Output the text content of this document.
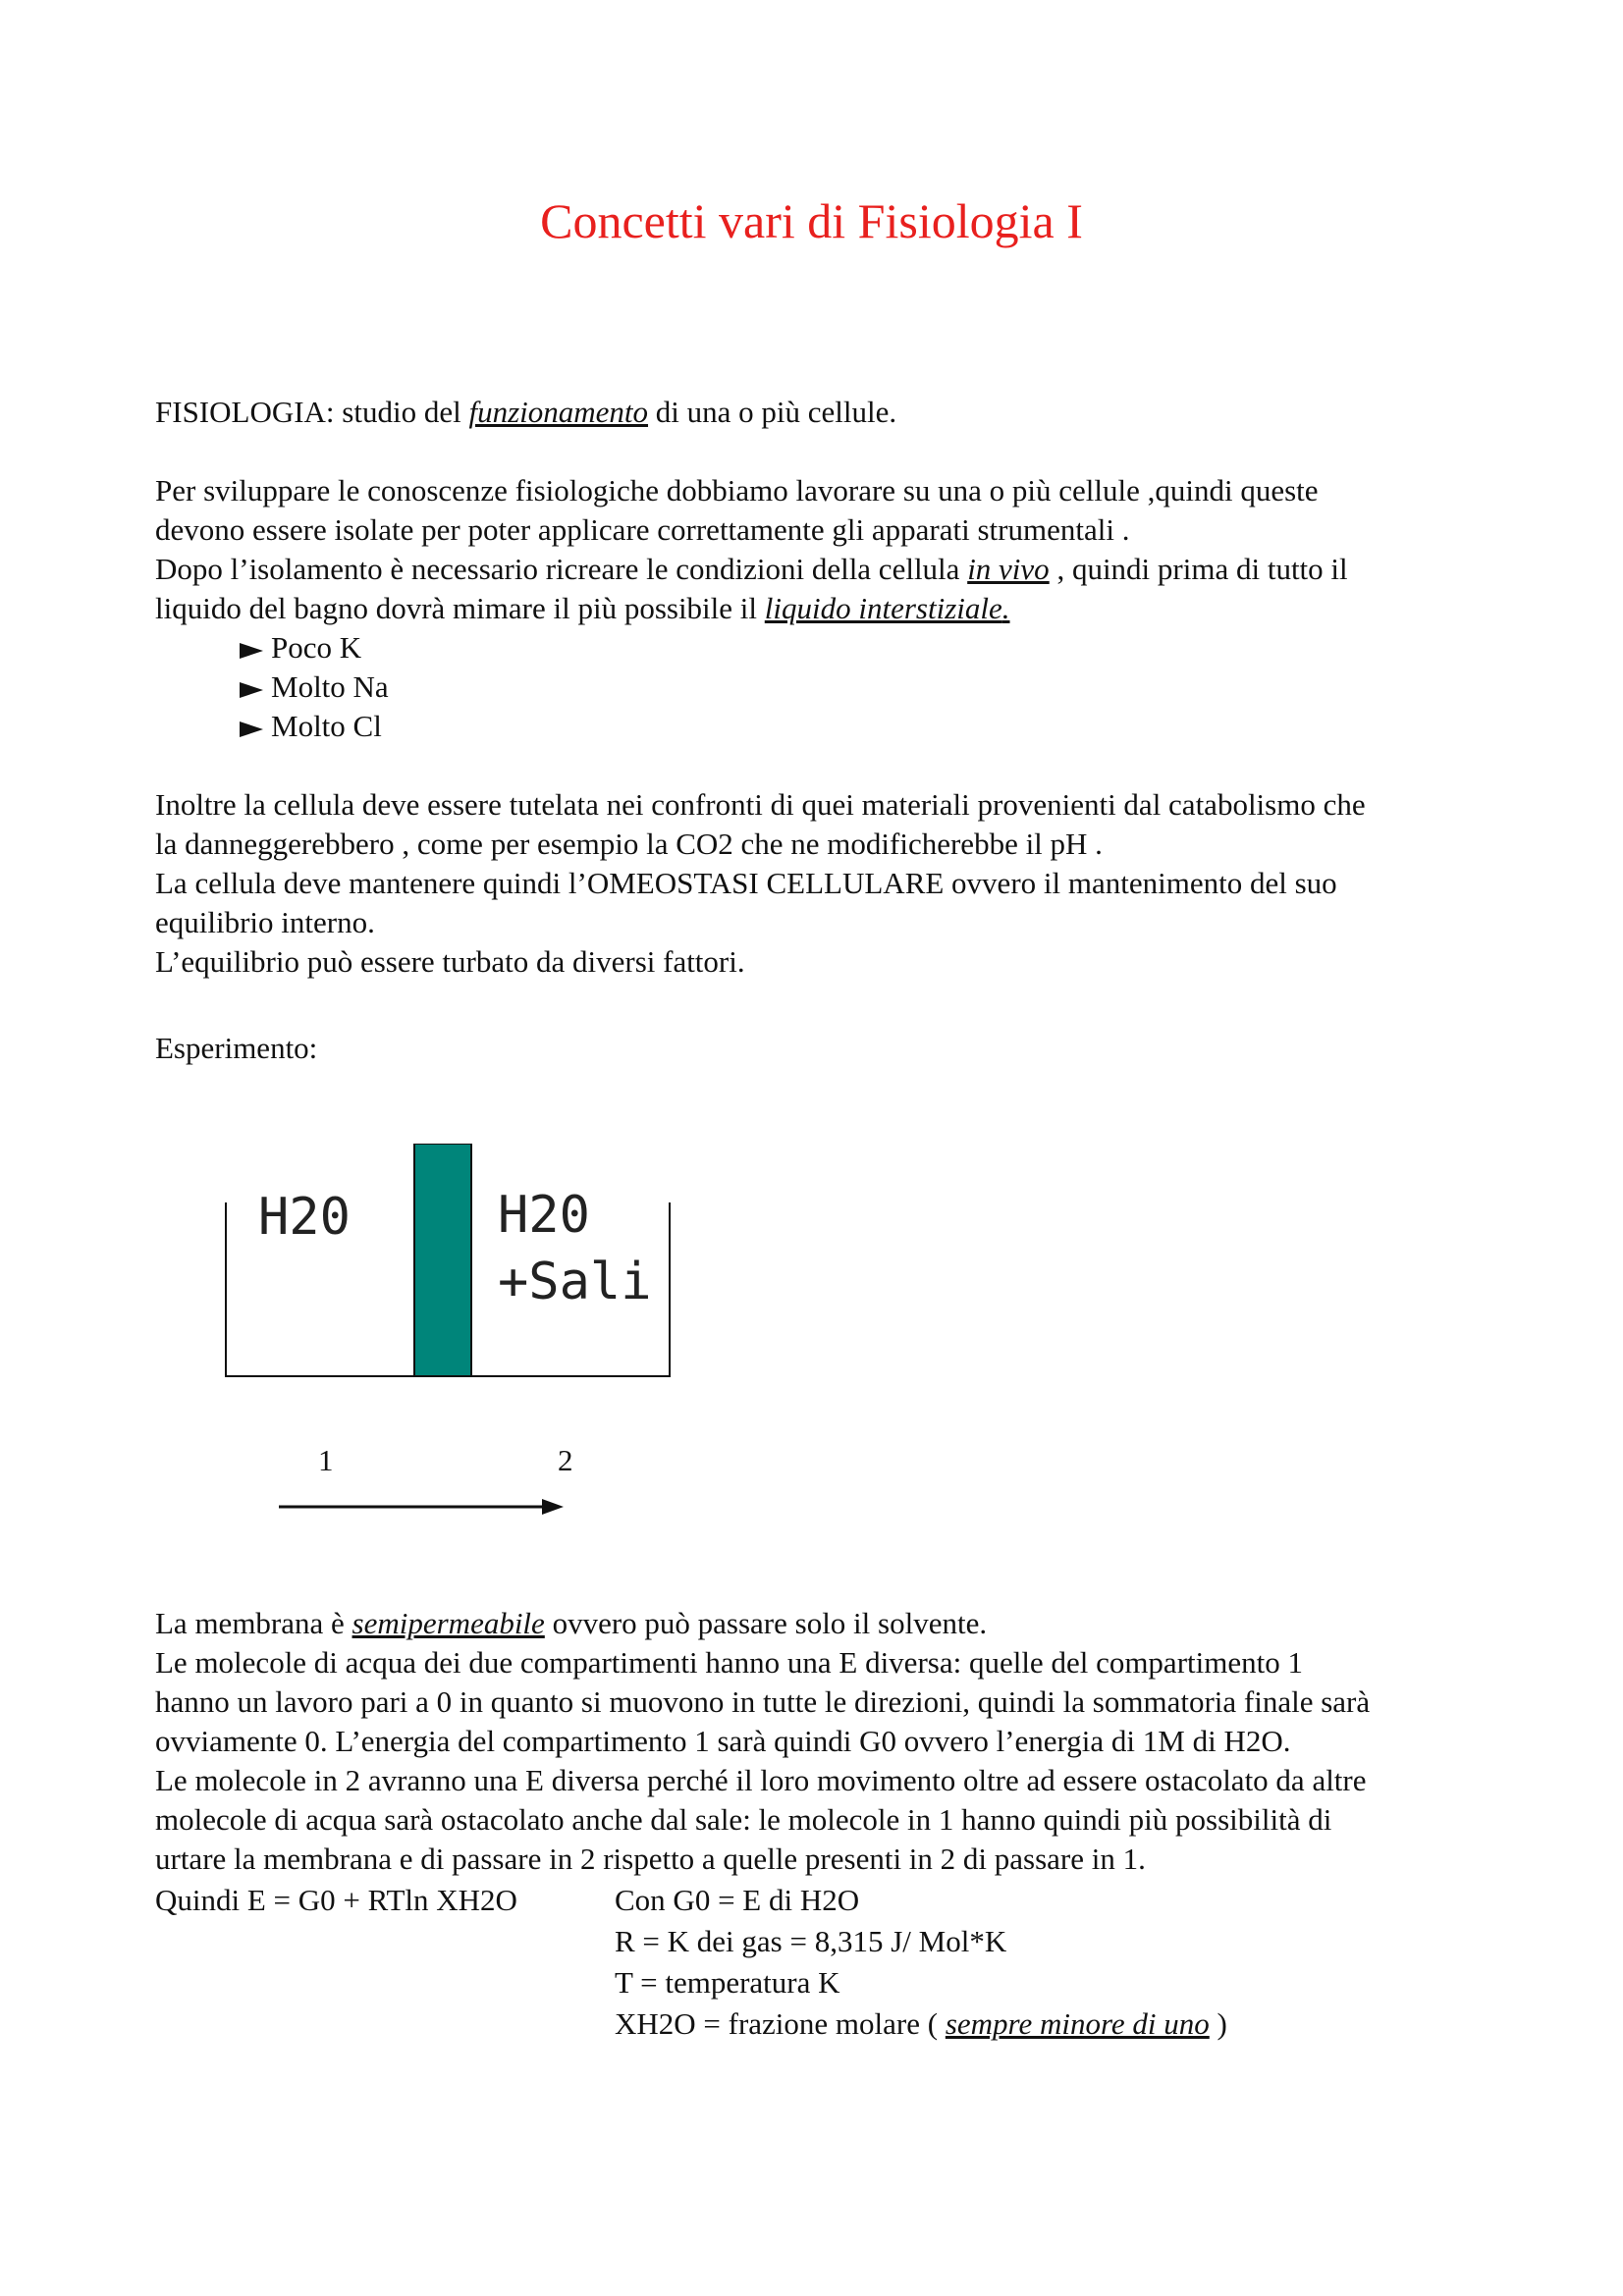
Concetti vari di Fisiologia I
FISIOLOGIA: studio del funzionamento di una o più cellule.
Per sviluppare le conoscenze fisiologiche dobbiamo lavorare su una o più cellule ,quindi queste
devono essere isolate per poter applicare correttamente gli apparati strumentali .
Dopo l’isolamento è necessario ricreare le condizioni della cellula in vivo , quindi prima di tutto il
liquido del bagno dovrà mimare il più possibile il liquido interstiziale.
Poco K
Molto Na
Molto Cl
Inoltre la cellula deve essere tutelata nei confronti di quei materiali provenienti dal catabolismo che
la danneggerebbero , come per esempio la CO2 che ne modificherebbe il pH .
La cellula deve mantenere quindi l’OMEOSTASI CELLULARE ovvero il mantenimento del suo
equilibrio interno.
L’equilibrio può essere turbato da diversi fattori.
Esperimento:
H20	H20
+Sali
1	2
La membrana è semipermeabile ovvero può passare solo il solvente.
Le molecole di acqua dei due compartimenti hanno una E diversa: quelle del compartimento 1
hanno un lavoro pari a 0 in quanto si muovono in tutte le direzioni, quindi la sommatoria finale sarà
ovviamente 0. L’energia del compartimento 1 sarà quindi G0 ovvero l’energia di 1M di H2O.
Le molecole in 2 avranno una E diversa perché il loro movimento oltre ad essere ostacolato da altre
molecole di acqua sarà ostacolato anche dal sale: le molecole in 1 hanno quindi più possibilità di
urtare la membrana e di passare in 2 rispetto a quelle presenti in 2 di passare in 1.
Quindi E = G0 + RTln XH2O	Con G0 = E di H2O
R = K dei gas = 8,315 J/ Mol*K
T = temperatura K
XH2O = frazione molare ( sempre minore di uno )
